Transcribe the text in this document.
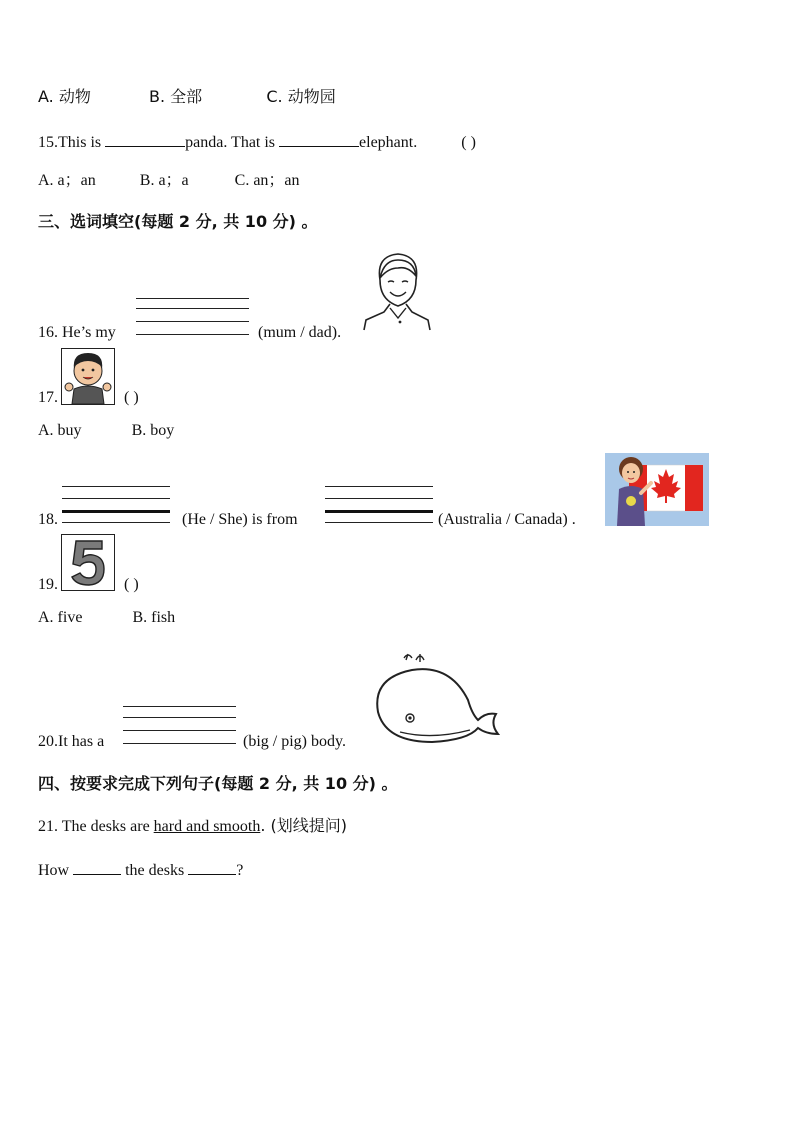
A. 动物	B. 全部	C. 动物园
15.This is	panda. That is	elephant.	( )
A. a；an	B. a；a	C. an；an
三、选词填空(每题 2 分, 共 10 分) 。
16. He’s my	(mum / dad).
17.	( )
A. buy	B. boy
18.	(He / She) is from	(Australia / Canada) .
19.	( )
A. five	B. fish
20.It has a	(big / pig) body.
四、按要求完成下列句子(每题 2 分, 共 10 分) 。
21. The desks are hard and smooth. (划线提问)
How	the desks	?
